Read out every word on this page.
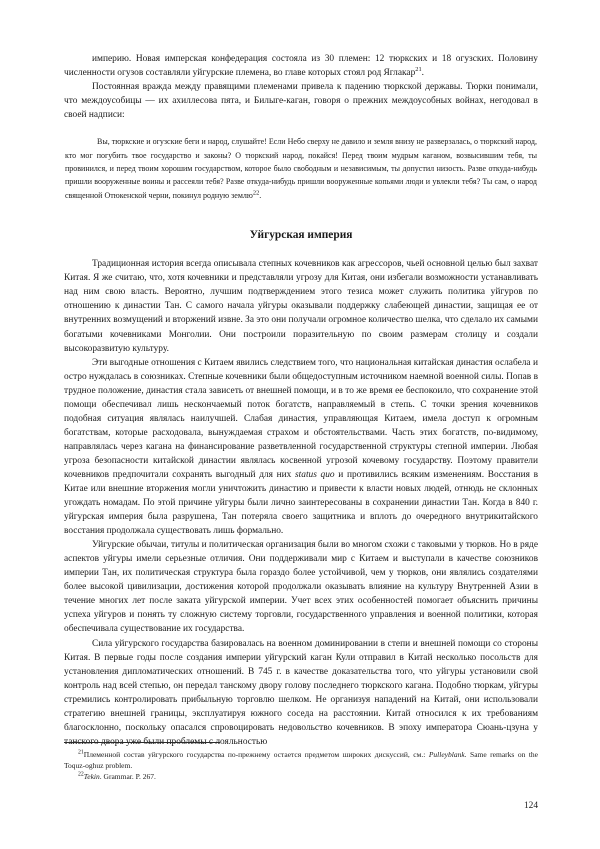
империю. Новая имперская конфедерация состояла из 30 племен: 12 тюркских и 18 огузских. Половину численности огузов составляли уйгурские племена, во главе которых стоял род Яглакар$^{21}$.

Постоянная вражда между правящими племенами привела к падению тюркской державы. Тюрки понимали, что междоусобицы — их ахиллесова пята, и Билыге-каган, говоря о прежних междоусобных войнах, негодовал в своей надписи:

Вы, тюркские и огузские беги и народ, слушайте! Если Небо сверху не давило и земля внизу не разверзалась, о тюркский народ, кто мог погубить твое государство и законы? О тюркский народ, покайся! Перед твоим мудрым каганом, возвысившим тебя, ты провинился, и перед твоим хорошим государством, которое было свободным и независимым, ты допустил низость. Разве откуда-нибудь пришли вооруженные воины и рассеяли тебя? Разве откуда-нибудь пришли вооруженные копьями люди и увлекли тебя? Ты сам, о народ священной Отюкенской черни, покинул родную землю$^{22}$.

Уйгурская империя

Традиционная история всегда описывала степных кочевников как агрессоров, чьей основной целью был захват Китая. Я же считаю, что, хотя кочевники и представляли угрозу для Китая, они избегали возможности устанавливать над ним свою власть. Вероятно, лучшим подтверждением этого тезиса может служить политика уйгуров по отношению к династии Тан. С самого начала уйгуры оказывали поддержку слабеющей династии, защищая ее от внутренних возмущений и вторжений извне. За это они получали огромное количество шелка, что сделало их самыми богатыми кочевниками Монголии. Они построили поразительную по своим размерам столицу и создали высокоразвитую культуру.

Эти выгодные отношения с Китаем явились следствием того, что национальная китайская династия ослабела и остро нуждалась в союзниках. Степные кочевники были общедоступным источником наемной военной силы. Попав в трудное положение, династия стала зависеть от внешней помощи, и в то же время ее беспокоило, что сохранение этой помощи обеспечивал лишь нескончаемый поток богатств, направляемый в степь. С точки зрения кочевников подобная ситуация являлась наилучшей. Слабая династия, управляющая Китаем, имела доступ к огромным богатствам, которые расходовала, вынуждаемая страхом и обстоятельствами. Часть этих богатств, по-видимому, направлялась через кагана на финансирование разветвленной государственной структуры степной империи. Любая угроза безопасности китайской династии являлась косвенной угрозой кочевому государству. Поэтому правители кочевников предпочитали сохранять выгодный для них status quo и противились всяким изменениям. Восстания в Китае или внешние вторжения могли уничтожить династию и привести к власти новых людей, отнюдь не склонных угождать номадам. По этой причине уйгуры были лично заинтересованы в сохранении династии Тан. Когда в 840 г. уйгурская империя была разрушена, Тан потеряла своего защитника и вплоть до очередного внутрикитайского восстания продолжала существовать лишь формально.

Уйгурские обычаи, титулы и политическая организация были во многом схожи с таковыми у тюрков. Но в ряде аспектов уйгуры имели серьезные отличия. Они поддерживали мир с Китаем и выступали в качестве союзников империи Тан, их политическая структура была гораздо более устойчивой, чем у тюрков, они являлись создателями более высокой цивилизации, достижения которой продолжали оказывать влияние на культуру Внутренней Азии в течение многих лет после заката уйгурской империи. Учет всех этих особенностей помогает объяснить причины успеха уйгуров и понять ту сложную систему торговли, государственного управления и военной политики, которая обеспечивала существование их государства.

Сила уйгурского государства базировалась на военном доминировании в степи и внешней помощи со стороны Китая. В первые годы после создания империи уйгурский каган Кули отправил в Китай несколько посольств для установления дипломатических отношений. В 745 г. в качестве доказательства того, что уйгуры установили свой контроль над всей степью, он передал танскому двору голову последнего тюркского кагана. Подобно тюркам, уйгуры стремились контролировать прибыльную торговлю шелком. Не организуя нападений на Китай, они использовали стратегию внешней границы, эксплуатируя южного соседа на расстоянии. Китай относился к их требованиям благосклонно, поскольку опасался спровоцировать недовольство кочевников. В эпоху императора Сюань-цзуна у танского двора уже были проблемы с лояльностью

$^{21}$Племенной состав уйгурского государства по-прежнему остается предметом широких дискуссий, см.: Pulleyblank. Same remarks on the Toquz-oghuz problem.

$^{22}$Tekin. Grammar. P. 267.

124
